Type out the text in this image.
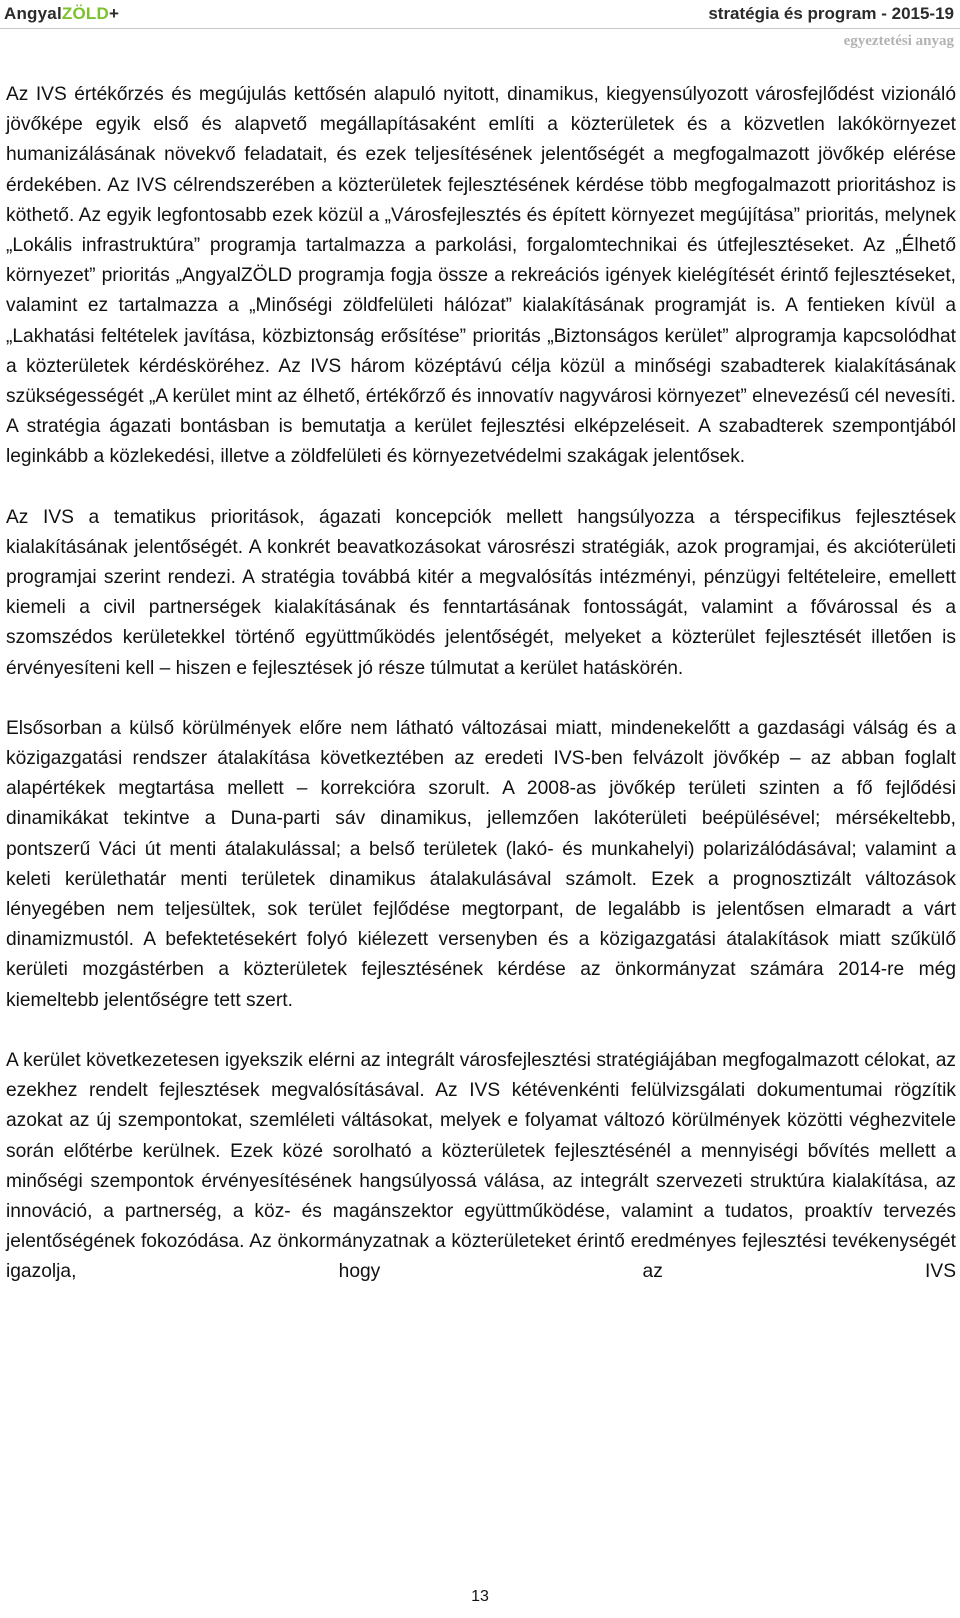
AngyalZÖLD+	stratégia és program - 2015-19
egyeztetési anyag

Az IVS értékőrzés és megújulás kettősén alapuló nyitott, dinamikus, kiegyensúlyozott városfejlődést vizionáló jövőképe egyik első és alapvető megállapításaként említi a közterületek és a közvetlen lakókörnyezet humanizálásának növekvő feladatait, és ezek teljesítésének jelentőségét a megfogalmazott jövőkép elérése érdekében. Az IVS célrendszerében a közterületek fejlesztésének kérdése több megfogalmazott prioritáshoz is köthető. Az egyik legfontosabb ezek közül a „Városfejlesztés és épített környezet megújítása” prioritás, melynek „Lokális infrastruktúra” programja tartalmazza a parkolási, forgalomtechnikai és útfejlesztéseket. Az „Élhető környezet” prioritás „AngyalZÖLD programja fogja össze a rekreációs igények kielégítését érintő fejlesztéseket, valamint ez tartalmazza a „Minőségi zöldfelületi hálózat” kialakításának programját is. A fentieken kívül a „Lakhatási feltételek javítása, közbiztonság erősítése” prioritás „Biztonságos kerület” alprogramja kapcsolódhat a közterületek kérdésköréhez. Az IVS három középtávú célja közül a minőségi szabadterek kialakításának szükségességét „A kerület mint az élhető, értékőrző és innovatív nagyvárosi környezet” elnevezésű cél nevesíti. A stratégia ágazati bontásban is bemutatja a kerület fejlesztési elképzeléseit. A szabadterek szempontjából leginkább a közlekedési, illetve a zöldfelületi és környezetvédelmi szakágak jelentősek.

Az IVS a tematikus prioritások, ágazati koncepciók mellett hangsúlyozza a térspecifikus fejlesztések kialakításának jelentőségét. A konkrét beavatkozásokat városrészi stratégiák, azok programjai, és akcióterületi programjai szerint rendezi. A stratégia továbbá kitér a megvalósítás intézményi, pénzügyi feltételeire, emellett kiemeli a civil partnerségek kialakításának és fenntartásának fontosságát, valamint a fővárossal és a szomszédos kerületekkel történő együttműködés jelentőségét, melyeket a közterület fejlesztését illetően is érvényesíteni kell – hiszen e fejlesztések jó része túlmutat a kerület hatáskörén.

Elsősorban a külső körülmények előre nem látható változásai miatt, mindenekelőtt a gazdasági válság és a közigazgatási rendszer átalakítása következtében az eredeti IVS-ben felvázolt jövőkép – az abban foglalt alapértékek megtartása mellett – korrekcióra szorult. A 2008-as jövőkép területi szinten a fő fejlődési dinamikákat tekintve a Duna-parti sáv dinamikus, jellemzően lakóterületi beépülésével; mérsékeltebb, pontszerű Váci út menti átalakulással; a belső területek (lakó- és munkahelyi) polarizálódásával; valamint a keleti kerülethatár menti területek dinamikus átalakulásával számolt. Ezek a prognosztizált változások lényegében nem teljesültek, sok terület fejlődése megtorpant, de legalább is jelentősen elmaradt a várt dinamizmustól. A befektetésekért folyó kiélezett versenyben és a közigazgatási átalakítások miatt szűkülő kerületi mozgástérben a közterületek fejlesztésének kérdése az önkormányzat számára 2014-re még kiemeltebb jelentőségre tett szert.

A kerület következetesen igyekszik elérni az integrált városfejlesztési stratégiájában megfogalmazott célokat, az ezekhez rendelt fejlesztések megvalósításával. Az IVS kétévenkénti felülvizsgálati dokumentumai rögzítik azokat az új szempontokat, szemléleti váltásokat, melyek e folyamat változó körülmények közötti véghezvitele során előtérbe kerülnek. Ezek közé sorolható a közterületek fejlesztésénél a mennyiségi bővítés mellett a minőségi szempontok érvényesítésének hangsúlyossá válása, az integrált szervezeti struktúra kialakítása, az innováció, a partnerség, a köz- és magánszektor együttműködése, valamint a tudatos, proaktív tervezés jelentőségének fokozódása. Az önkormányzatnak a közterületeket érintő eredményes fejlesztési tevékenységét igazolja, hogy az IVS

13
